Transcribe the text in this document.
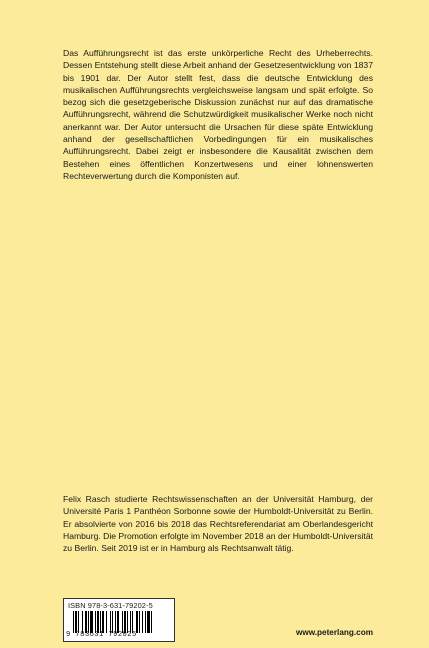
Das Aufführungsrecht ist das erste unkörperliche Recht des Urheberrechts. Dessen Entstehung stellt diese Arbeit anhand der Gesetzesentwicklung von 1837 bis 1901 dar. Der Autor stellt fest, dass die deutsche Entwicklung des musikalischen Aufführungsrechts vergleichsweise langsam und spät erfolgte. So bezog sich die gesetzgeberische Diskussion zunächst nur auf das dramatische Aufführungsrecht, während die Schutzwürdigkeit musikalischer Werke noch nicht anerkannt war. Der Autor untersucht die Ursachen für diese späte Entwicklung anhand der gesellschaftlichen Vorbedingungen für ein musikalisches Aufführungsrecht. Dabei zeigt er insbesondere die Kausalität zwischen dem Bestehen eines öffentlichen Konzertwesens und einer lohnenswerten Rechteverwertung durch die Komponisten auf.

Felix Rasch studierte Rechtswissenschaften an der Universität Hamburg, der Université Paris 1 Panthéon Sorbonne sowie der Humboldt-Universität zu Berlin. Er absolvierte von 2016 bis 2018 das Rechtsreferendariat am Oberlandesgericht Hamburg. Die Promotion erfolgte im November 2018 an der Humboldt-Universität zu Berlin. Seit 2019 ist er in Hamburg als Rechtsanwalt tätig.

ISBN 978-3-631-79202-5
9 783631 792025	www.peterlang.com
